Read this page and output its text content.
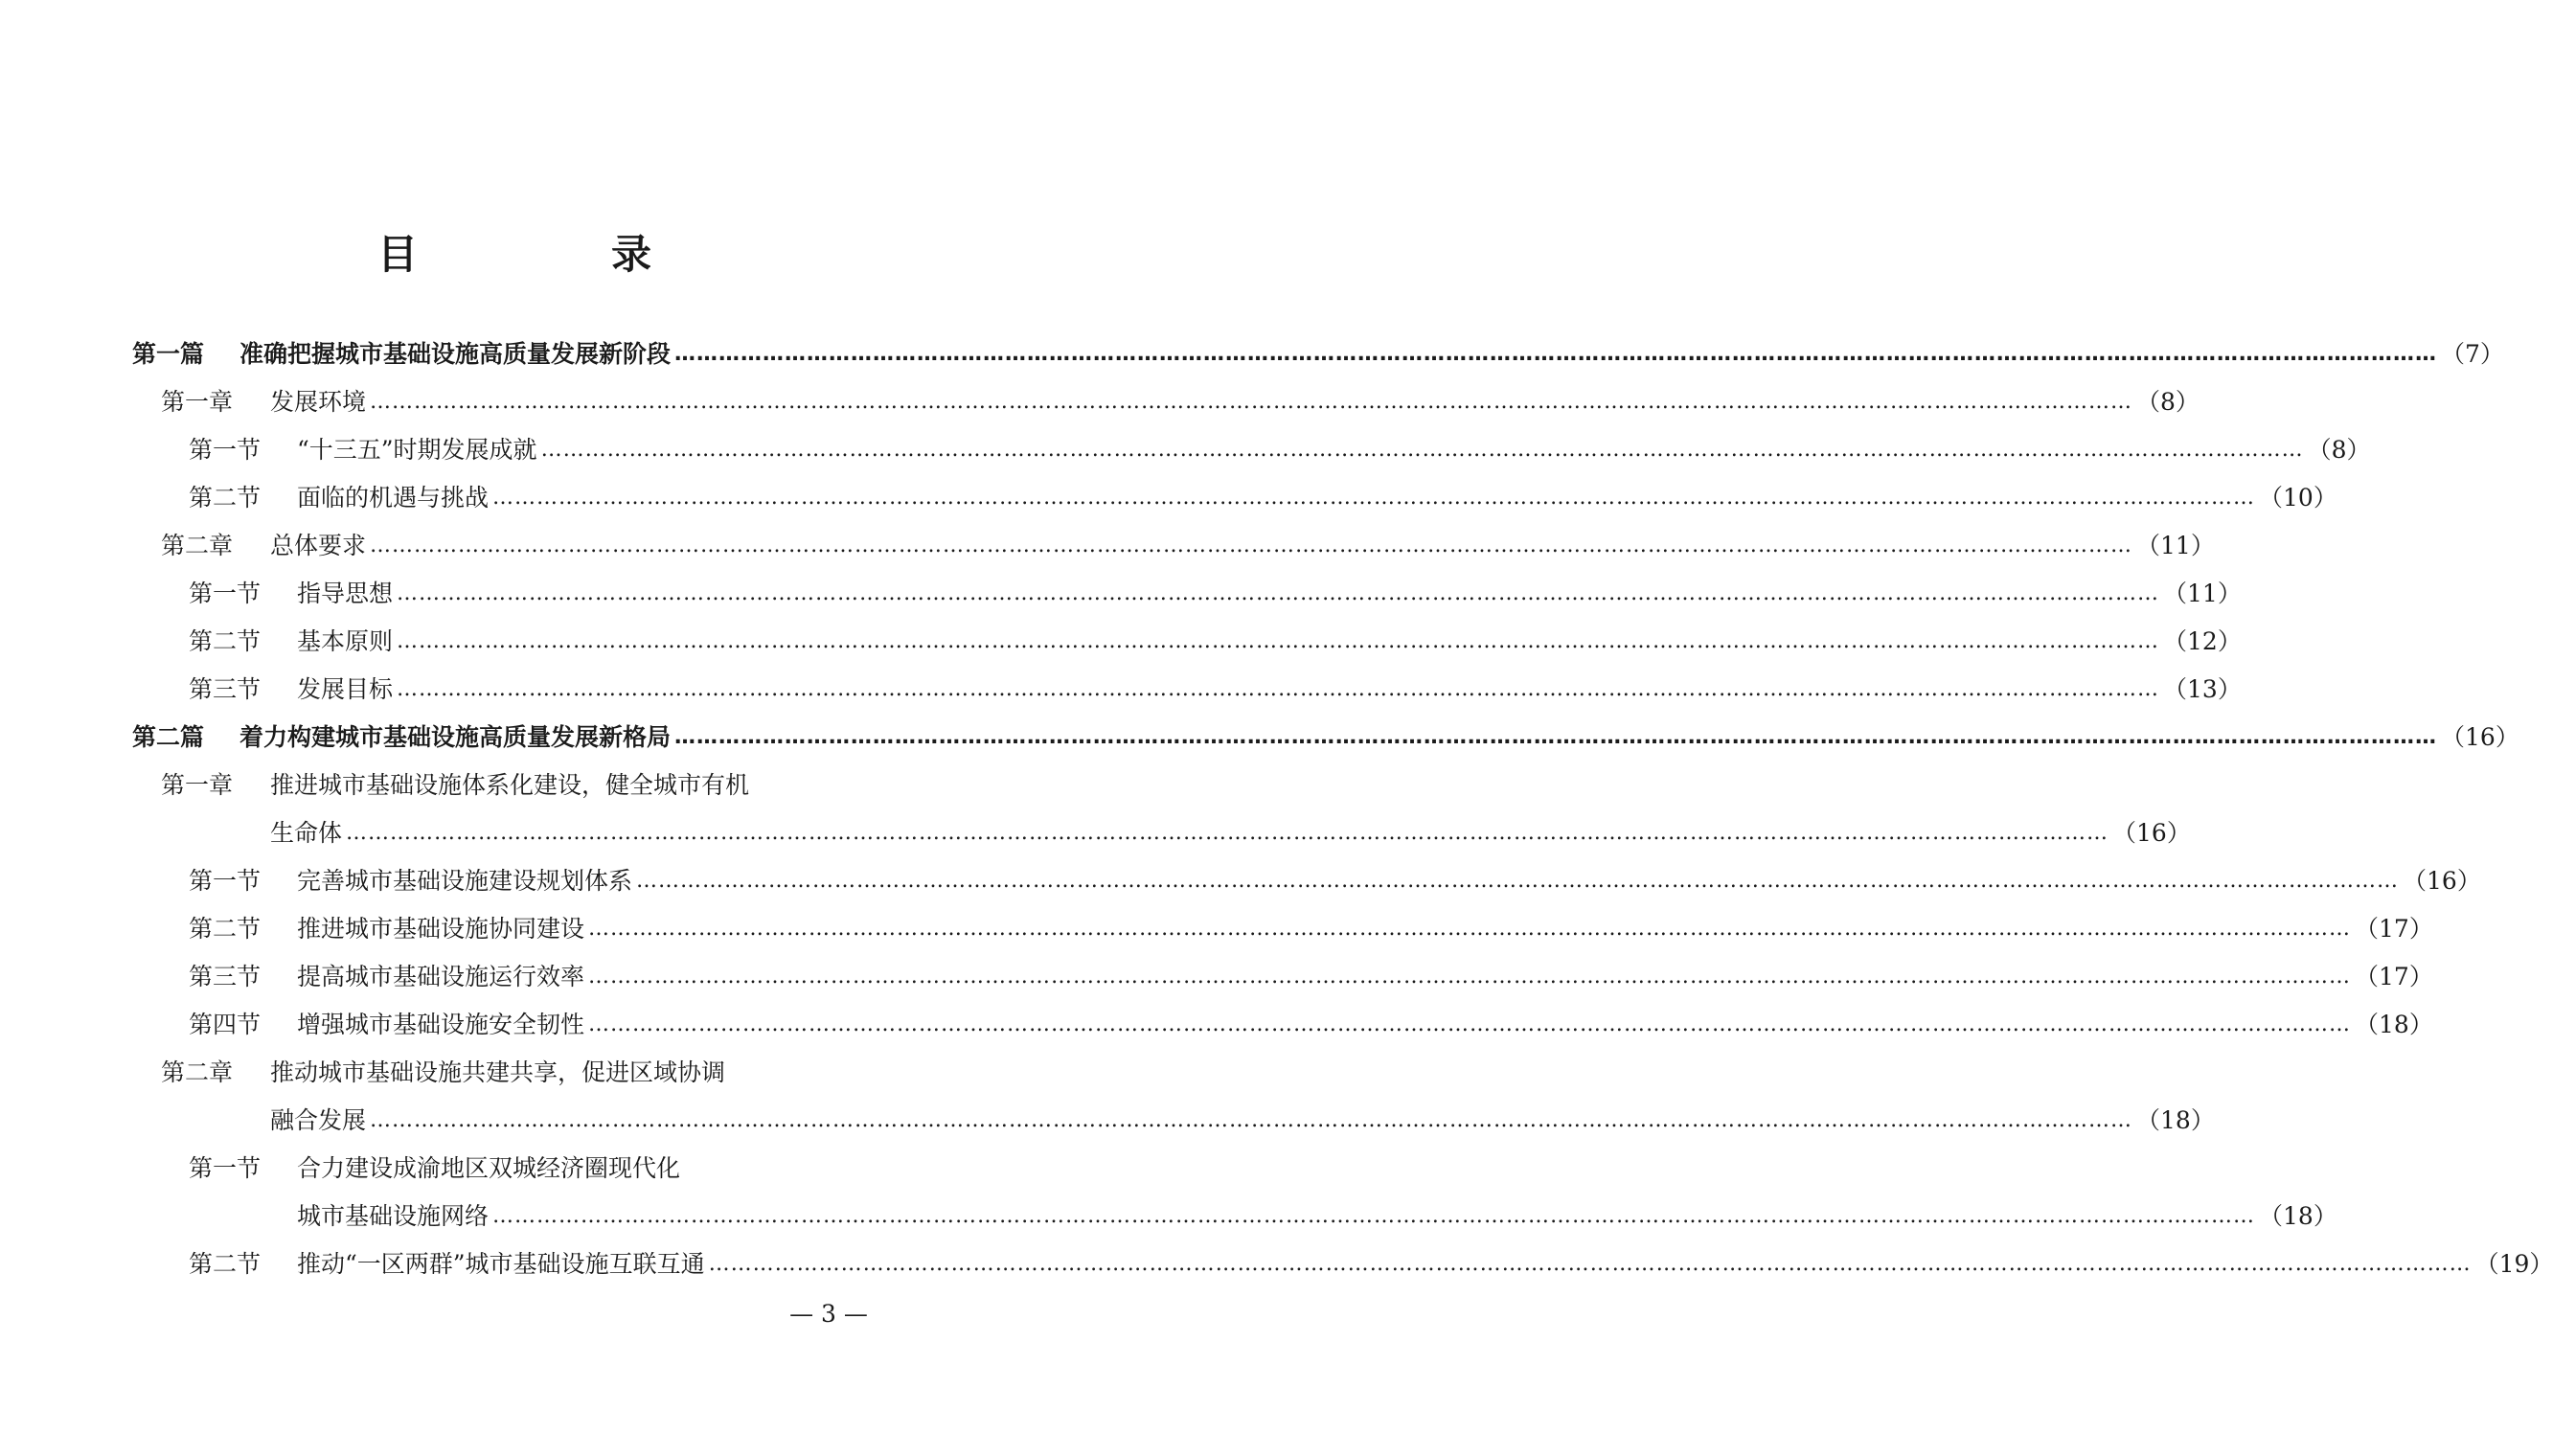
目　录
第一篇	准确把握城市基础设施高质量发展新阶段 …………………………………………………………………………………………………………………………………………………………………………………………………………………… （7）
第一章	发展环境 …………………………………………………………………………………………………………………………………………………………………………………………………………………… （8）
第一节	“十三五”时期发展成就 …………………………………………………………………………………………………………………………………………………………………………………………………………………… （8）
第二节	面临的机遇与挑战 …………………………………………………………………………………………………………………………………………………………………………………………………………………… （10）
第二章	总体要求 …………………………………………………………………………………………………………………………………………………………………………………………………………………… （11）
第一节	指导思想 …………………………………………………………………………………………………………………………………………………………………………………………………………………… （11）
第二节	基本原则 …………………………………………………………………………………………………………………………………………………………………………………………………………………… （12）
第三节	发展目标 …………………………………………………………………………………………………………………………………………………………………………………………………………………… （13）
第二篇	着力构建城市基础设施高质量发展新格局 …………………………………………………………………………………………………………………………………………………………………………………………………………………… （16）
第一章	推进城市基础设施体系化建设，健全城市有机
生命体 …………………………………………………………………………………………………………………………………………………………………………………………………………………… （16）
第一节	完善城市基础设施建设规划体系 …………………………………………………………………………………………………………………………………………………………………………………………………………………… （16）
第二节	推进城市基础设施协同建设 …………………………………………………………………………………………………………………………………………………………………………………………………………………… （17）
第三节	提高城市基础设施运行效率 …………………………………………………………………………………………………………………………………………………………………………………………………………………… （17）
第四节	增强城市基础设施安全韧性 …………………………………………………………………………………………………………………………………………………………………………………………………………………… （18）
第二章	推动城市基础设施共建共享，促进区域协调
融合发展 …………………………………………………………………………………………………………………………………………………………………………………………………………………… （18）
第一节	合力建设成渝地区双城经济圈现代化
城市基础设施网络 …………………………………………………………………………………………………………………………………………………………………………………………………………………… （18）
第二节	推动“一区两群”城市基础设施互联互通 …………………………………………………………………………………………………………………………………………………………………………………………………………………… （19）
— 3 —
